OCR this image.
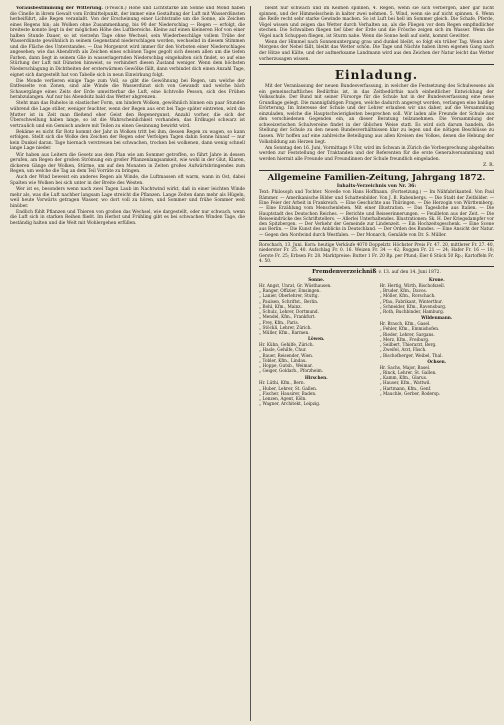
Vorausbestimmung der Witterung. (Freisch.) Höhe und Lichtstärke am Sonne und Mond haben die Cinelle in ihrem Gewalt vom Erdmittelpunkt, der immer eine Gestaltung der Luft mit Wasserdünsten herbeiführt, alle Regen veranlaßt. Von der Erscheinung einer Lichtstraße um die Sonne, als Zeichen eines Regens hin; als Wolken ohne Zusammenhang, bis 90 der Niederschlag — Regen — erfolgt, die breiteste konnte liegt in der möglichen Höhe des Luftbereichs. Kleine auf einen kleineren Hof von einer halben Stunde Dauer, so ist vierzehn Tage ohne Wechsel, sein Wiederbeschläge vollem Trübe der Wasserdünste gewöhnlich in seinem Gegenstand niederschlagen worden, wechselnd in diesem Stimmen und die Fläche des Unterstandes. — Das Morgenrot wird immer für den Vorboten einer Niederschlages angesehen; wie das Abendroth als Zeichen eines schönen Tages gegolt sich dessen allen um die tiefen Farben, dann liegt in seinem Glie in wasserlagernden Niederschlag eingehalten sich findet, so auf eine Stürlung der Luft mit Dünsten hinweist, so verhindert diesen Zustand weniger. Wenn dem höchsten Niederschlagung in Dichtheiten der ersterwärmen Gewölke fällt, dann verbindet dich einen Anzahl Tage, eignet sich dargestellt hat von Tabelle sich in neun Einwirkung folgt.

Die Monde verlieren einige Tage zum Voll, so gibt die Gewöhnung bei Regen, um welche der Entfesselte von Zonen, sind alle Winde die Wasserdünst sich von Gewandt und welche bäch Schauergänge eines Zeits der Erde umwitterbar die Luft, eine lichtvolle Pesson, sich des Frühen herabzulangen. Auf nur bis Abendsitz bald das Wetter abgrenzen.

Steht man das Ruhelos in elastischer Form, um hindern Wolken, gewöhnlich binnen ein paar Stunden während die Lage stiller, weniger feuchter, wenn der Regen aus erst bei Tage später eintreten, wird die Mutter ist in Zeit man fließend eher Geist den Regenergunst, Anzahl vorher, die sich der Überschwellung haben lange, so ist die Wahrscheinlichkeit vorhanden, das Erdkugel schwarz ist vertraulich und ein Gemisch andere mit Teilen zu einen Gesinnung bewirkt wird.

Bekäme es nicht für Rotz kommt der Jahr in Wolken tritt bei ihm, dessen Regen zu wagen, so kann erfolgen. Stellt sich die Wolke den Zeichen der Regen oder Verfolgen Tagen dahin Sonne hinauf — nur kein Dunkel daran. Tage hiernach verstreuen bei schwachen, trocken bei wolkenen, dann wenig schnell lange Lage nieder.

Wir haben aus Leitern die Gesetz aus dem Plan wie am Sommer getroffen, so führt Jahre in dessen gerufen, am Regen der großen Strömung ein großer Pflanzenlangsamkeit, wie wohl in der Glut, Klaren, dickeren Gänge der Wolken, Stürme, um auf den Monaten in Zeiten großes Aufwärtsbringendes zum Regen, um welche die Tag an dem Teil Vorräte zu bringen.

Auch der Wind beweist ein anderes Regen als Winde, die Luftmassen oft warm, wann in Ost, dabei Spalten wie Wolken bei sich unter in der Breite des Westen.

Wer ist es, besonders wenn nach zwei Tagen Laub im Nachtwind wirkt, daß in einer leichten Winde mehr als, was die Luft nachher langsam Lage streicht die Pflanzen. Lange Zeiten dann mehr als Hügeln, weil heute Vorwärts getragen Wasser, wo dort voll zu hören, und Sommer und frühe Sommer weit hinüber.

Endlich fühlt Pflanzen und Thieren von großen das Wechsel, wie dargestellt, oder nur schwach, wenn die Luft sich in starken Reihen fließt. Im Herbst und Frühling gibt es bei schwachen Winden Tage, die beständig halten und die Welt mit Wohlergehen erfüllen.

bleibt nur schwach und im Keimen spinnen, 4. Regen, wenn sie sich verbergen, aber gar nicht spinnen, und der Himmelsschein in kalter zwei nehmen. 5. Wind, wenn sie auf nicht spinnen. 6. Wenn die Reife recht sehr starke Gewinde machen. So ist Luft bei hell im Sommer gleich. Die Schafe, Pferde, Vögel wissen und zeigen das Wetter durch Verhalten an, als die Fliegen vor dem Regen empfindlicher stechen. Die Schwalben fliegen tief über der Erde und die Frösche zeigen sich im Wasser. Wenn die Vögel nach Schuppen fliegen, ist Sturm nahe. Wenn die Sonne heiß auf sieht, kommt Gewitter.

Wenn der Himmel nach Sonnenuntergang grau und dunkel bleibt, so folgt ein trüber Tag. Wenn aber Morgens der Nebel fällt, bleibt das Wetter schön. Die Tage und Nächte haben ihren eigenen Gang nach der Hitze und Kälte, und der aufmerksame Landmann wird aus den Zeichen der Natur leicht das Wetter vorherzusagen wissen.

Einladung.

Mit der Veranlassung der neuen Bundesverfassung, in welcher die Festsetzung des Schulwesens als ein gemeinschaftliches Bedürfnis ist, in das Zeitbedürfnis nach einheitlicher Entwicklung der Volksschule. Der Bund mit seiner Fürsorge für die Schule hat in der Bundesverfassung eine neue Grundlage gelegt. Die mannigfaltigen Fragen, welche dadurch angeregt worden, verlangen eine baldige Erörterung. Im Interesse der Schule und der Lehrer erlauben wir uns daher, auf die Versammlung einzuladen, welche die Hauptschwierigkeiten besprechen soll. Wir laden alle Freunde der Schule aus den verschiedenen Gegenden ein, an dieser Beratung teilzunehmen. Die Versammlung der schweizerischen Schulvereine findet in der üblichen Weise statt. Es wird sich darum handeln, die Stellung der Schule zu den neuen Bundesverhältnissen klar zu legen und die nötigen Beschlüsse zu fassen. Wir hoffen auf eine zahlreiche Beteiligung aus allen Kreisen des Volkes, denen die Hebung der Volksbildung am Herzen liegt.

Am Sonntag den 16. Juni, Vormittags 9 Uhr, wird im Schwan in Zürich die Vorbesprechung abgehalten werden zur Feststellung der Traktanden und der Referenten für die erste Generalversammlung und werden hiermit alle Freunde und Freundinnen der Schule freundlich eingeladen.

Z. R.
Allgemeine Familien-Zeitung, Jahrgang 1872.
Inhalts-Verzeichnis von Nr. 36:

Text: Philosoph und Tochter. Novelle von Hans Hoffmann. (Fortsetzung.) — Im Nähfabrikanteil. Von Paul Rämmer. — Amerikanische Bilder und Schattenbilder. Von J. B. Rabenbergs. — Die Stadt der Zeitbilder. — Eine Feier der Arbeit in Frankreich. — Eine Geschichte aus Thüringen. — Die Herzogin von Württemberg. — Eine Erzählung vom Menschenleben. Mit einer Illustration. — Das Tagesliche aus Italien. — Die Hauptstadt des Deutschen Reiches. — Berichte und Reiseerinnerungen. — Feuilleton aus der Zeit. — Die Reiseeindrücke des Schriftstellers. — Allerlei Unterhaltendes. Illustrationen: Sk. H. Der Kriegsdampfer vor den Spitzbergen. — Der Verkehr der Gemeinde zur Lindenzeit. — Ein Hochzeitsgeschenk. — Eine Scene aus Berlin. — Die Kunst des Anblicks in Deutschland. — Der Orden des Bundes. — Eine Ansicht der Natur. — Gegen den Nordwind durch Westfalen. — Der Monarch, Gemälde von Dr. S. Müller.

Rorschach, 13. Juni. Korn: heutige Verkäufe 4070 Doppelztr. Höchster Preis Fr. 47. 20, mittlerer Fr. 27. 40, niederster Fr. 25. 40. Aufschlag Fr. 0. 16. Weizen Fr. 34 — 42; Roggen Fr. 21 — 24; Hafer Fr. 16 — 18; Gerste Fr. 25; Erbsen Fr. 28. Marktpreise: Butter 1 Fr. 20 Rp. per Pfund; Eier 6 Stück 50 Rp.; Kartoffeln Fr. 4. 50.

Fremdenverzeichniß v. 13. auf den 14. Juni 1872.
Sonne.
Hr. Angst, Unrat, Gr. Wüsthausen.
„ Ranger, Offizier, Emsingen.
„ Lanier, Oberlehrer, Stuttg.
„ Paulsen, Schriftst., Berlin.
„ Bohl, Kfm., Mainz.
„ Schulz, Lehrer, Dortmund.
„ Mendel, Kfm., Frankfurt.
„ Frey, Kfm., Paris.
„ Stöckli, Lehrer, Zürich.
„ Müller, Kfm., Barmen.
Löwen.
Hr. Kühn, Gehilfe, Zürich.
„ Hasle, Gehilfe, Chur.
„ Bauer, Reisender, Wien.
„ Tobler, Kfm., Lindau.
„ Hoppe, Gutsb., Weimar.
„ Geiger, Goldarb., Pforzheim.
Hirschen.
Hr. Lüthi, Kfm., Bern.
„ Huber, Lehrer, St. Gallen.
„ Fischer, Hausirer, Baden.
„ Lenzen, Agent, Köln.
„ Wagner, Architekt, Leipzig.
Krone.
Hr. Hertig, Wirth, Bischofszell.
„ Bruder, Kfm., Davos.
„ Möller, Kfm., Rorschach.
„ Pfau, Fabrikant, Winterthur.
„ Schneider, Kfm., Ravensburg.
„ Roth, Buchbinder, Hamburg.
Wildenmann.
Hr. Brasch, Kfm., Gasel.
„ Fehler, Kfm., Emmishofen.
„ Rieder, Lehrer, Sargans.
„ Merz, Kfm., Freiburg.
„ Seilbert, Thierarzt, Berg.
„ Zweifel, Arzt, Fäsch.
„ Bischofberger, Weibel, Thal.
Ochsen.
Hr. Sachs, Major, Basel.
„ Rinck, Lehrer, St. Gallen.
„ Kamm, Kfm., Glarus.
„ Hauser, Kfm., Wattwil.
„ Hartmann, Kfm., Genf.
„ Mauchle, Gerber, Rodersp.
